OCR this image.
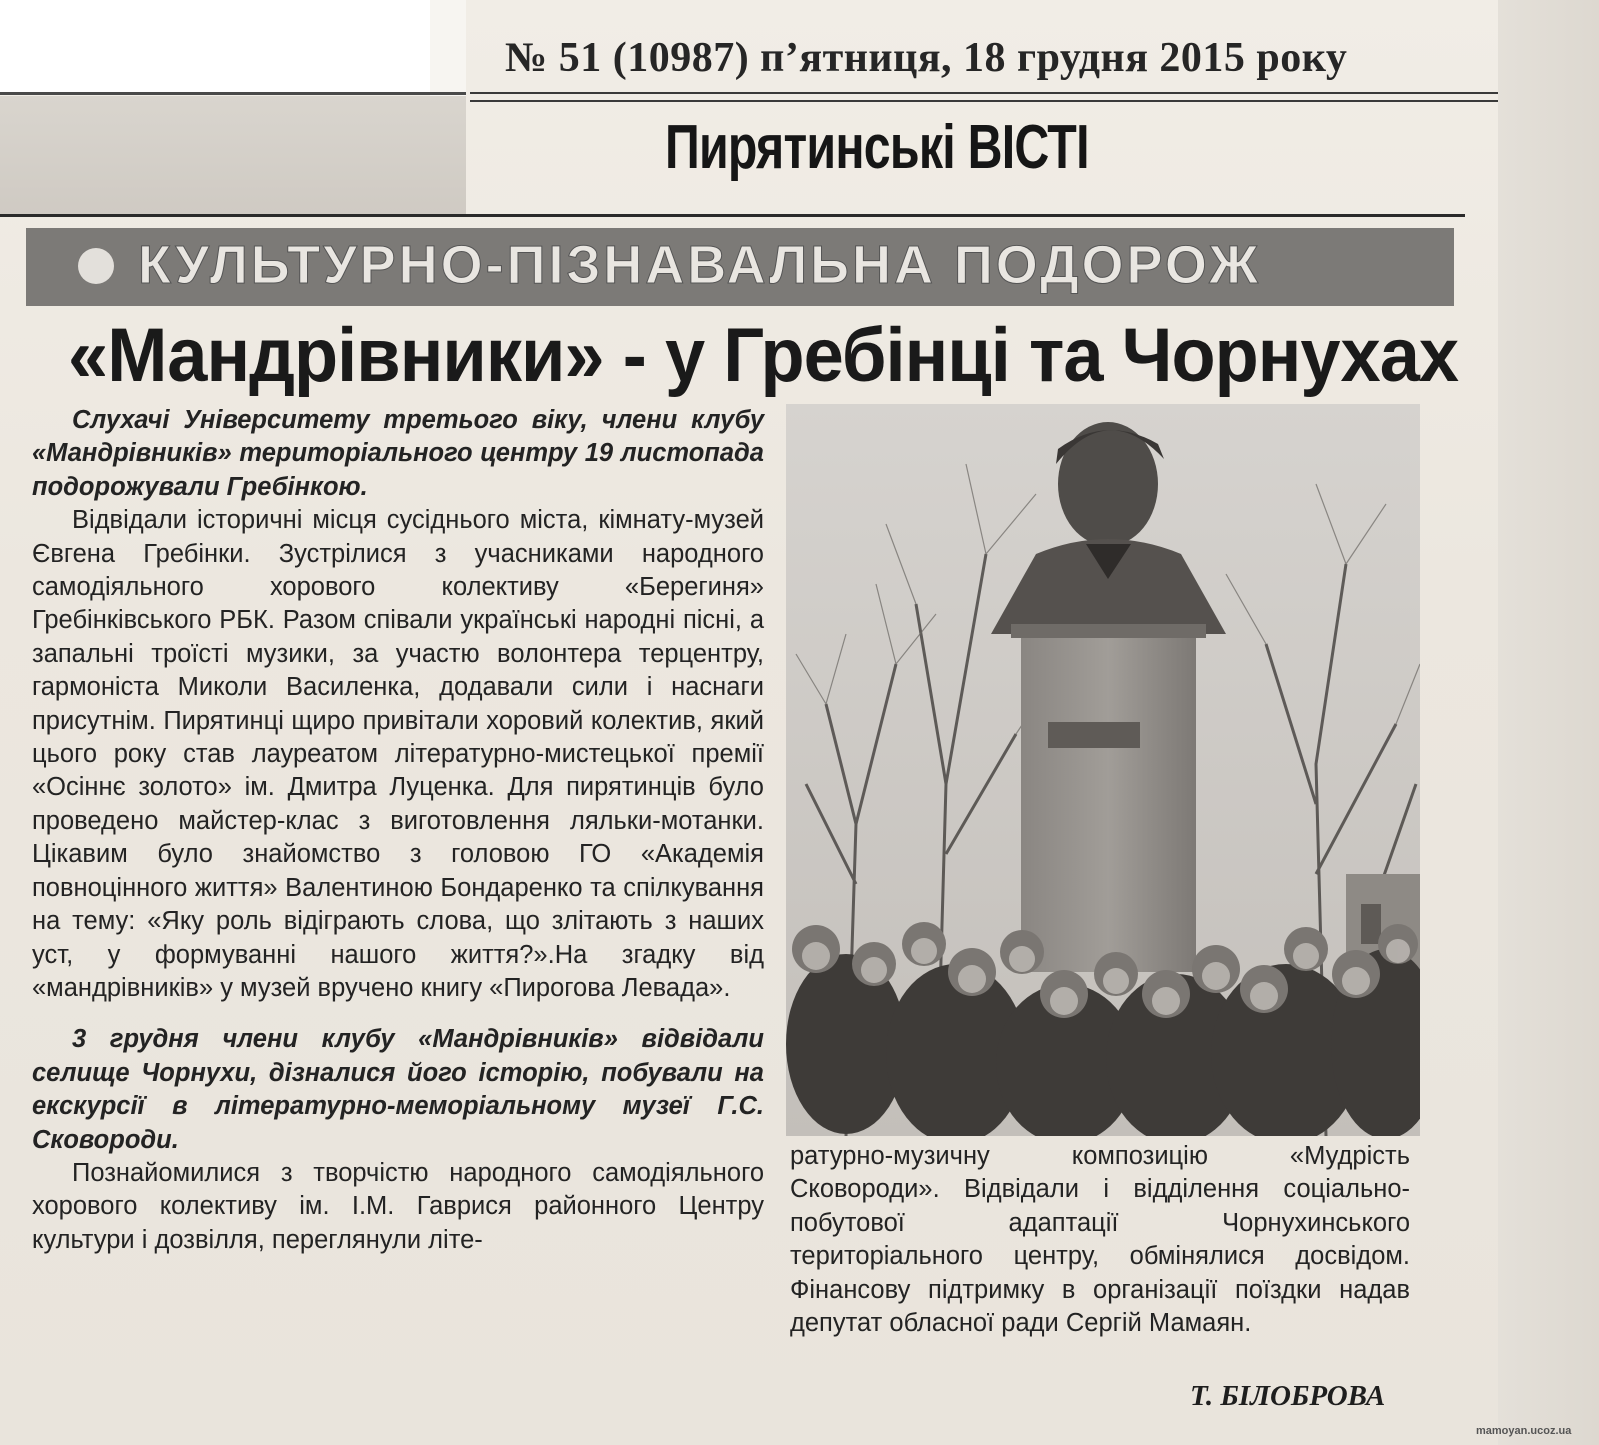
№ 51 (10987) п’ятниця, 18 грудня 2015 року
Пирятинські ВІСТІ
КУЛЬТУРНО-ПІЗНАВАЛЬНА ПОДОРОЖ
«Мандрівники» - у Гребінці та Чорнухах

Слухачі Університету третього віку, члени клубу «Мандрівників» територіального центру 19 листопада подорожували Гребінкою.

Відвідали історичні місця сусіднього міста, кімнату-музей Євгена Гребінки. Зустрілися з учасниками народного самодіяльного хорового колективу «Берегиня» Гребінківського РБК. Разом співали українські народні пісні, а запальні троїсті музики, за участю волонтера терцентру, гармоніста Миколи Василенка, додавали сили і наснаги присутнім. Пирятинці щиро привітали хоровий колектив, який цього року став лауреатом літературно-мистецької премії «Осіннє золото» ім. Дмитра Луценка. Для пирятинців було проведено майстер-клас з виготовлення ляльки-мотанки. Цікавим було знайомство з головою ГО «Академія повноцінного життя» Валентиною Бондаренко та спілкування на тему: «Яку роль відіграють слова, що злітають з наших уст, у формуванні нашого життя?».На згадку від «мандрівників» у музей вручено книгу «Пирогова Левада».

3 грудня члени клубу «Мандрівників» відвідали селище Чорнухи, дізналися його історію, побували на екскурсії в літературно-меморіальному музеї Г.С. Сковороди.

Познайомилися з творчістю народного самодіяльного хорового колективу ім. І.М. Гаврися районного Центру культури і дозвілля, переглянули літе-

ратурно-музичну композицію «Мудрість Сковороди». Відвідали і відділення соціально-побутової адаптації Чорнухинського територіального центру, обмінялися досвідом. Фінансову підтримку в організації поїздки надав депутат обласної ради Сергій Мамаян.

Т. БІЛОБРОВА
mamoyan.ucoz.ua
